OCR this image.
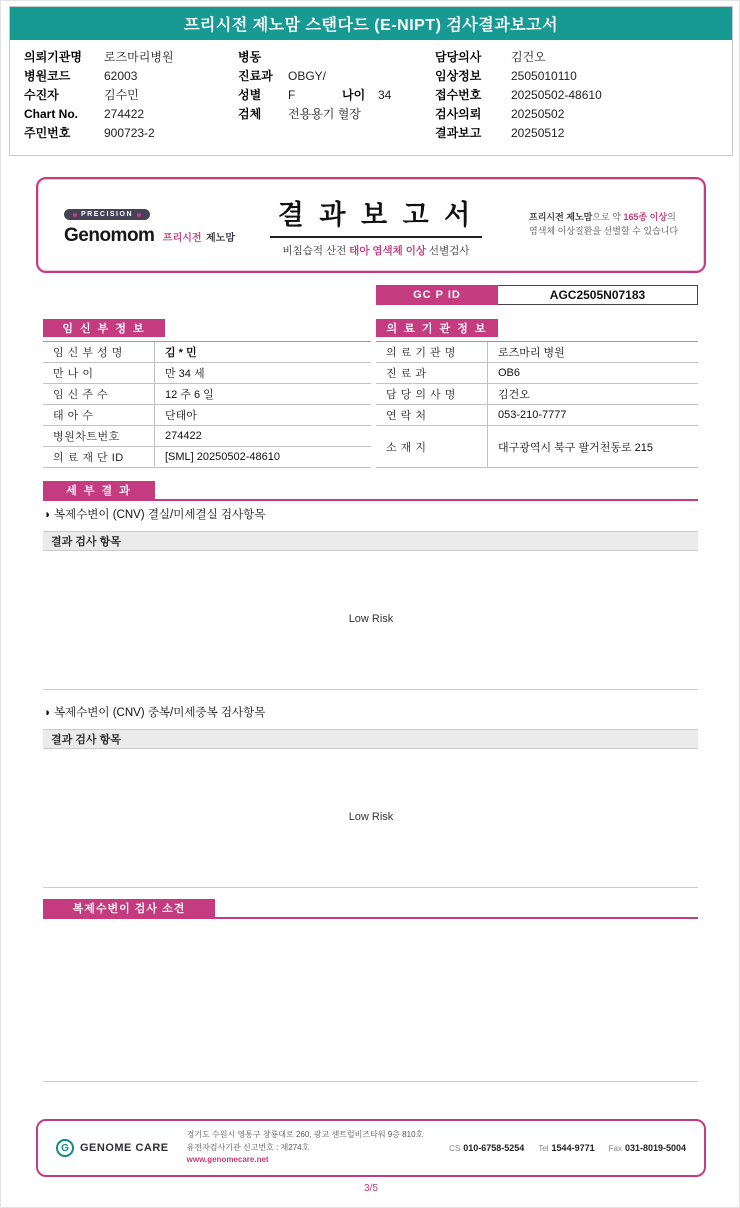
프리시전 제노맘 스탠다드 (E-NIPT) 검사결과보고서
의뢰기관명 로즈마리병원
병원코드	62003
수진자	김수민
Chart No. 274422
주민번호	900723-2
병동
진료과 OBGY/
성별 F	나이 34
검체 전용용기 혈장
담당의사 김건오
임상정보 2505010110
접수번호 20250502-48610
검사의뢰 20250502
결과보고 20250512
PRECISION
Genomom 프리시전 제노맘
결 과 보 고 서
비침습적 산전 태아 염색체 이상 선별검사
프리시전 제노맘으로 약 165종 이상의
염색체 이상질환을 선별할 수 있습니다
GC P ID	AGC2505N07183
임 신 부 정 보
임 신 부 성 명	김 * 민
만 나 이	만 34 세
임 신 주 수	12 주 6 일
태 아 수	단태아
병원차트번호	274422
의 료 재 단 ID	[SML] 20250502-48610
의 료 기 관 정 보
의 료 기 관 명	로즈마리 병원
진 료 과	OB6
담 당 의 사 명	김건오
연 락 처	053-210-7777
소 재 지	대구광역시 북구 팔거천동로 215
세 부 결 과
◑ 복제수변이 (CNV) 결실/미세결실 검사항목
결과 검사 항목
Low Risk
◑ 복제수변이 (CNV) 중복/미세중복 검사항목
결과 검사 항목
Low Risk
복제수변이 검사 소견
G	GENOME CARE
경기도 수원시 영통구 창룡대로 260, 광교 센트럴비즈타워 9층 810호
유전자검사기관 신고번호 : 제274호
www.genomecare.net
CS 010-6758-5254 Tel 1544-9771 Fax 031-8019-5004
3/5
